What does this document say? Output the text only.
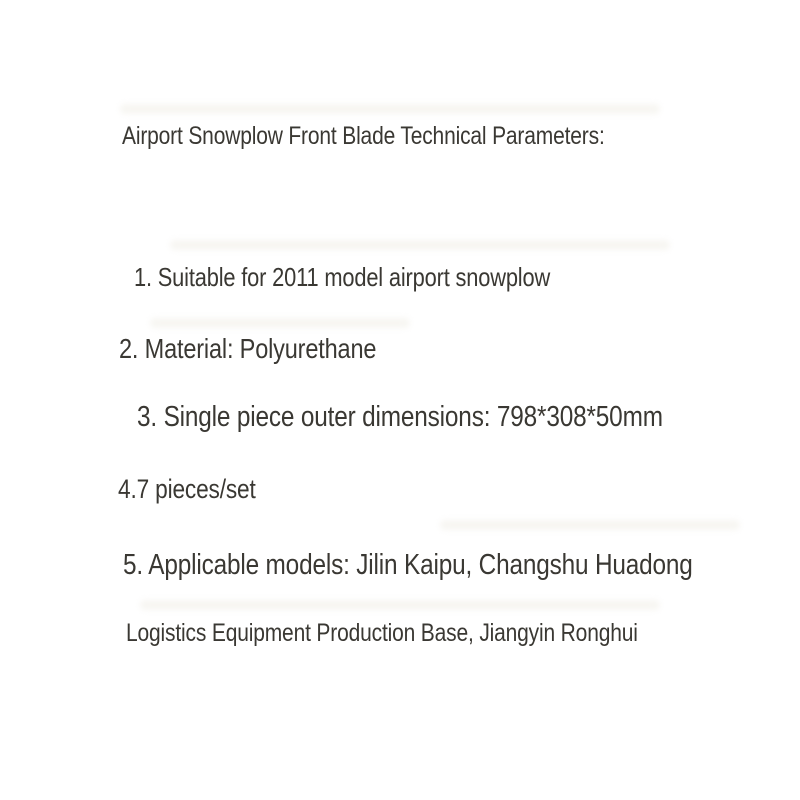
Airport Snowplow Front Blade Technical Parameters:

1. Suitable for 2011 model airport snowplow

2. Material: Polyurethane

3. Single piece outer dimensions: 798*308*50mm

4.7 pieces/set

5. Applicable models: Jilin Kaipu, Changshu Huadong

Logistics Equipment Production Base, Jiangyin Ronghui
